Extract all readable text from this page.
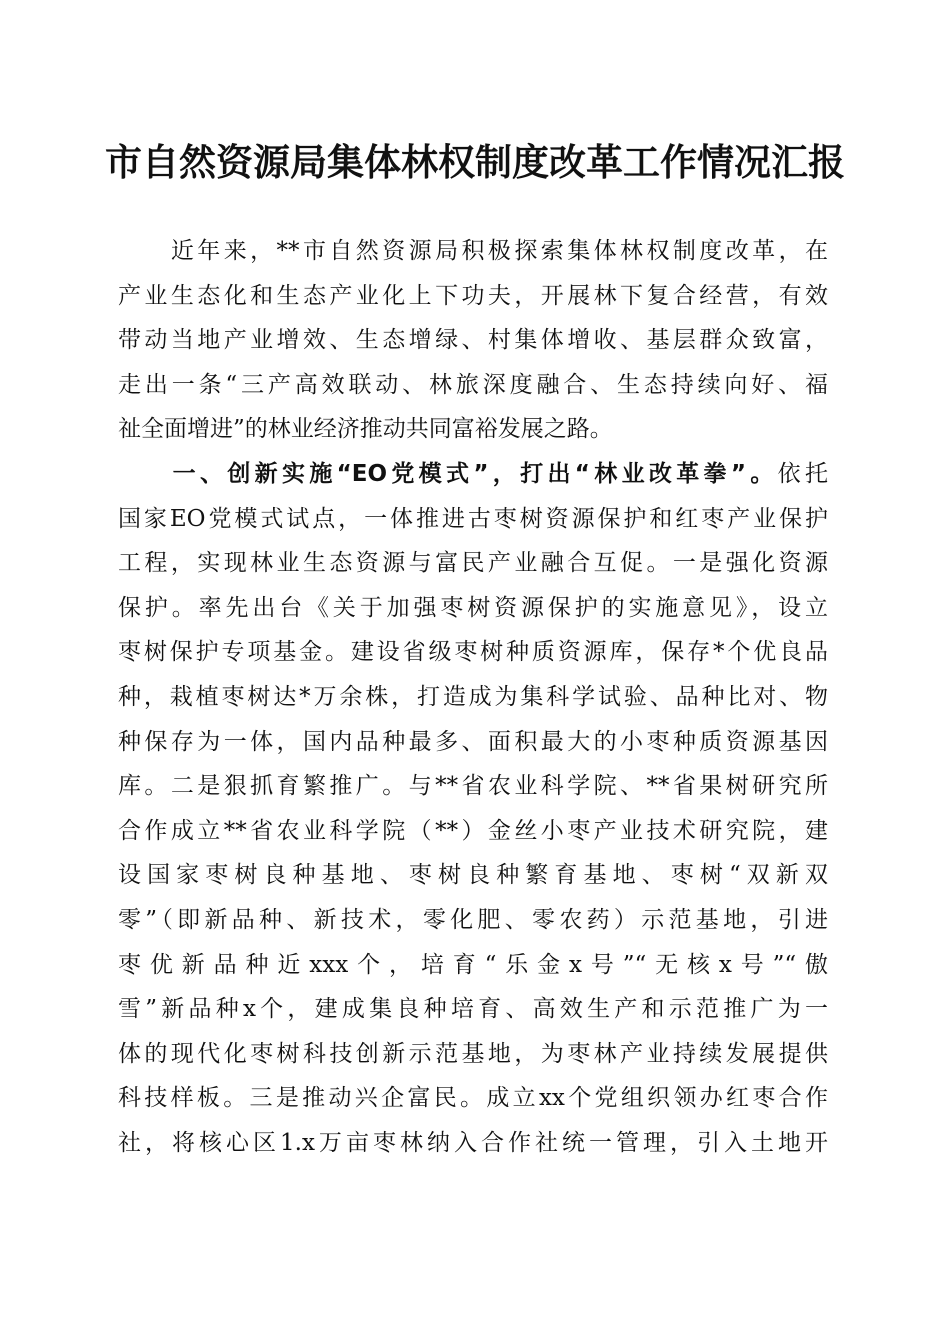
市自然资源局集体林权制度改革工作情况汇报
　　近年来，**市自然资源局积极探索集体林权制度改革，在
产业生态化和生态产业化上下功夫，开展林下复合经营，有效
带动当地产业增效、生态增绿、村集体增收、基层群众致富，
走出一条“三产高效联动、林旅深度融合、生态持续向好、福
祉全面增进”的林业经济推动共同富裕发展之路。
　　一、创新实施“EO党模式”，打出“林业改革拳”。依托
国家EO党模式试点，一体推进古枣树资源保护和红枣产业保护
工程，实现林业生态资源与富民产业融合互促。一是强化资源
保护。率先出台《关于加强枣树资源保护的实施意见》，设立
枣树保护专项基金。建设省级枣树种质资源库，保存*个优良品
种，栽植枣树达*万余株，打造成为集科学试验、品种比对、物
种保存为一体，国内品种最多、面积最大的小枣种质资源基因
库。二是狠抓育繁推广。与**省农业科学院、**省果树研究所
合作成立**省农业科学院（**）金丝小枣产业技术研究院，建
设国家枣树良种基地、枣树良种繁育基地、枣树“双新双
零”（即新品种、新技术，零化肥、零农药）示范基地，引进
枣优新品种近xxx个，培育“乐金x号”“无核x号”“傲
雪”新品种x个，建成集良种培育、高效生产和示范推广为一
体的现代化枣树科技创新示范基地，为枣林产业持续发展提供
科技样板。三是推动兴企富民。成立xx个党组织领办红枣合作
社，将核心区1.x万亩枣林纳入合作社统一管理，引入土地开
